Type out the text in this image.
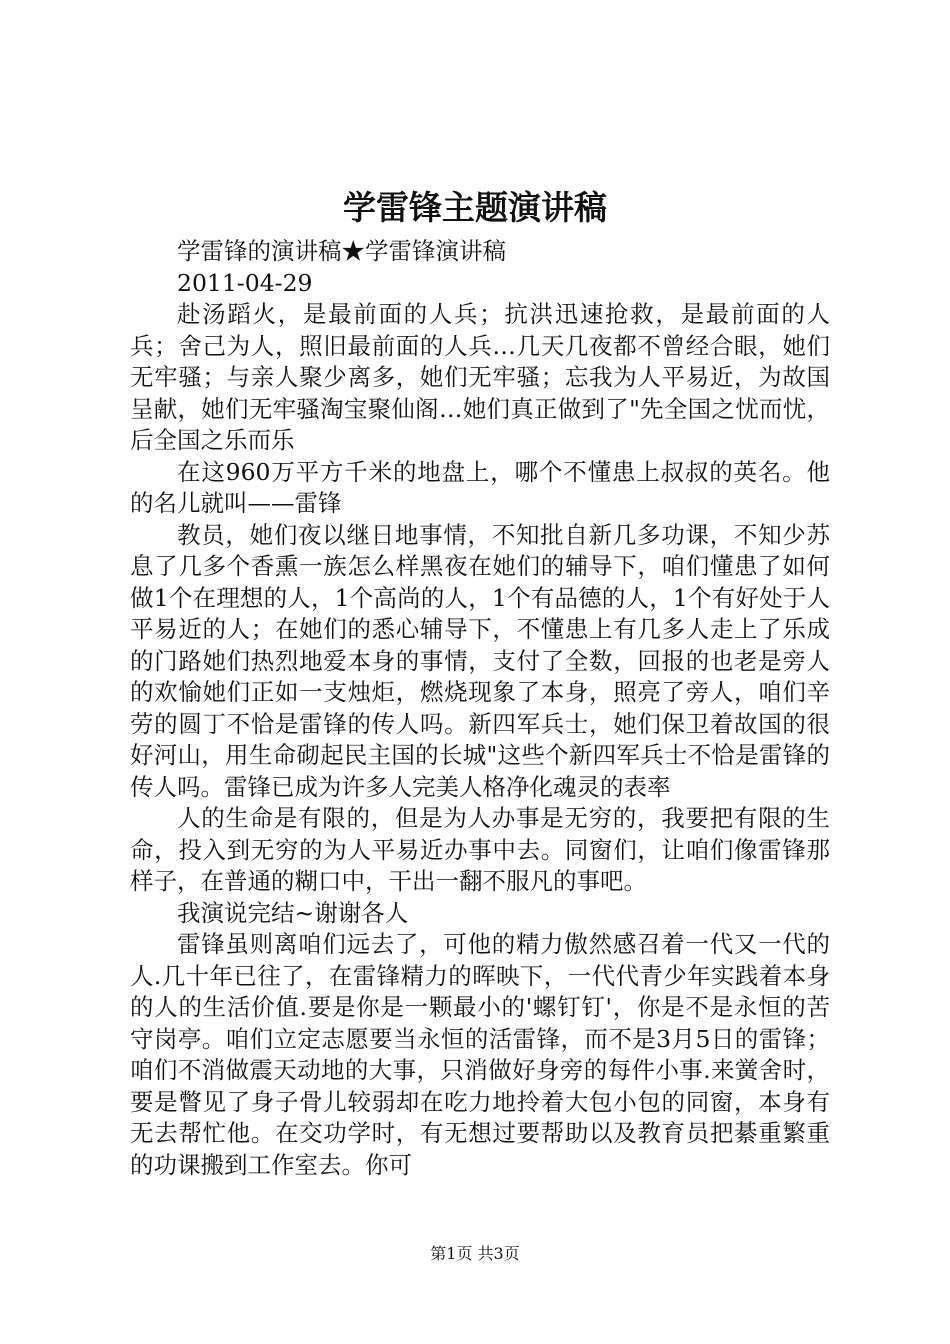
学雷锋主题演讲稿

学雷锋的演讲稿★学雷锋演讲稿

2011-04-29

赴汤蹈火，是最前面的人兵；抗洪迅速抢救，是最前面的人兵；舍己为人，照旧最前面的人兵…几天几夜都不曾经合眼，她们无牢骚；与亲人聚少离多，她们无牢骚；忘我为人平易近，为故国呈献，她们无牢骚淘宝聚仙阁…她们真正做到了"先全国之忧而忧，后全国之乐而乐

在这960万平方千米的地盘上，哪个不懂患上叔叔的英名。他的名儿就叫——雷锋

教员，她们夜以继日地事情，不知批自新几多功课，不知少苏息了几多个香熏一族怎么样黑夜在她们的辅导下，咱们懂患了如何做1个在理想的人，1个高尚的人，1个有品德的人，1个有好处于人平易近的人；在她们的悉心辅导下，不懂患上有几多人走上了乐成的门路她们热烈地爱本身的事情，支付了全数，回报的也老是旁人的欢愉她们正如一支烛炬，燃烧现象了本身，照亮了旁人，咱们辛劳的圆丁不恰是雷锋的传人吗。新四军兵士，她们保卫着故国的很好河山，用生命砌起民主国的长城"这些个新四军兵士不恰是雷锋的传人吗。雷锋已成为许多人完美人格净化魂灵的表率

人的生命是有限的，但是为人办事是无穷的，我要把有限的生命，投入到无穷的为人平易近办事中去。同窗们，让咱们像雷锋那样子，在普通的糊口中，干出一翻不服凡的事吧。

我演说完结~谢谢各人

雷锋虽则离咱们远去了，可他的精力傲然感召着一代又一代的人.几十年已往了，在雷锋精力的晖映下，一代代青少年实践着本身的人的生活价值.要是你是一颗最小的'螺钉钉'，你是不是永恒的苦守岗亭。咱们立定志愿要当永恒的活雷锋，而不是3月5日的雷锋；咱们不消做震天动地的大事，只消做好身旁的每件小事.来黉舍时，要是瞥见了身子骨儿较弱却在吃力地拎着大包小包的同窗，本身有无去帮忙他。在交功学时，有无想过要帮助以及教育员把綦重繁重的功课搬到工作室去。你可

第1页 共3页
